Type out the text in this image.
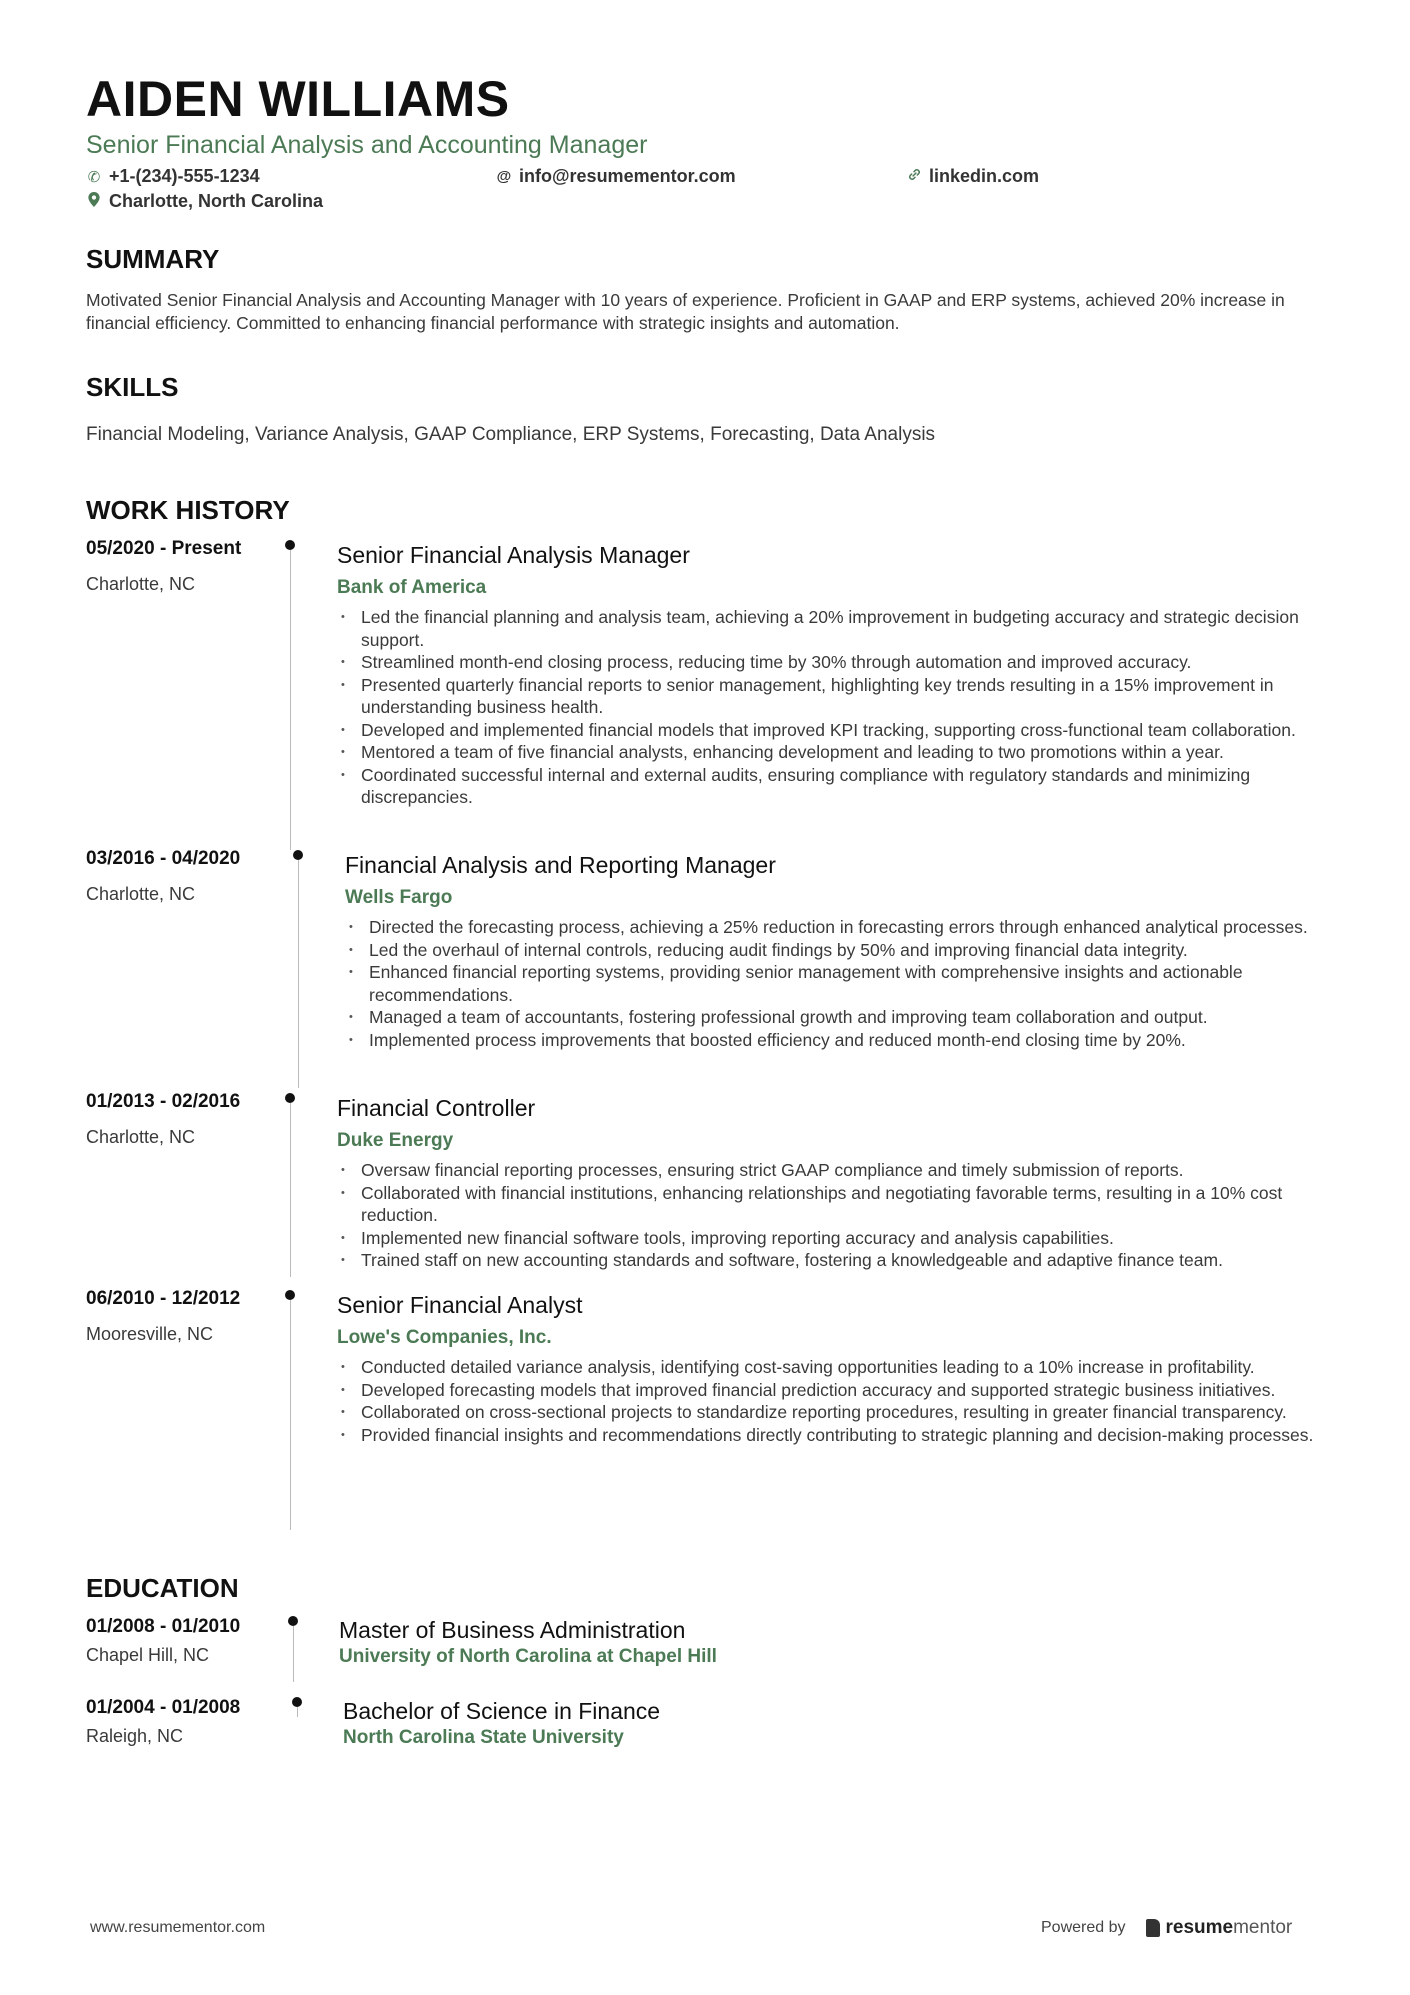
AIDEN WILLIAMS
Senior Financial Analysis and Accounting Manager
✆ +1-(234)-555-1234	@ info@resumementor.com	linkedin.com
Charlotte, North Carolina
SUMMARY
Motivated Senior Financial Analysis and Accounting Manager with 10 years of experience. Proficient in GAAP and ERP systems, achieved 20% increase in financial efficiency. Committed to enhancing financial performance with strategic insights and automation.
SKILLS
Financial Modeling, Variance Analysis, GAAP Compliance, ERP Systems, Forecasting, Data Analysis
WORK HISTORY
05/2020 - Present
Charlotte, NC
Senior Financial Analysis Manager
Bank of America
• Led the financial planning and analysis team, achieving a 20% improvement in budgeting accuracy and strategic decision support.
• Streamlined month-end closing process, reducing time by 30% through automation and improved accuracy.
• Presented quarterly financial reports to senior management, highlighting key trends resulting in a 15% improvement in understanding business health.
• Developed and implemented financial models that improved KPI tracking, supporting cross-functional team collaboration.
• Mentored a team of five financial analysts, enhancing development and leading to two promotions within a year.
• Coordinated successful internal and external audits, ensuring compliance with regulatory standards and minimizing discrepancies.
03/2016 - 04/2020
Charlotte, NC
Financial Analysis and Reporting Manager
Wells Fargo
• Directed the forecasting process, achieving a 25% reduction in forecasting errors through enhanced analytical processes.
• Led the overhaul of internal controls, reducing audit findings by 50% and improving financial data integrity.
• Enhanced financial reporting systems, providing senior management with comprehensive insights and actionable recommendations.
• Managed a team of accountants, fostering professional growth and improving team collaboration and output.
• Implemented process improvements that boosted efficiency and reduced month-end closing time by 20%.
01/2013 - 02/2016
Charlotte, NC
Financial Controller
Duke Energy
• Oversaw financial reporting processes, ensuring strict GAAP compliance and timely submission of reports.
• Collaborated with financial institutions, enhancing relationships and negotiating favorable terms, resulting in a 10% cost reduction.
• Implemented new financial software tools, improving reporting accuracy and analysis capabilities.
• Trained staff on new accounting standards and software, fostering a knowledgeable and adaptive finance team.
06/2010 - 12/2012
Mooresville, NC
Senior Financial Analyst
Lowe's Companies, Inc.
• Conducted detailed variance analysis, identifying cost-saving opportunities leading to a 10% increase in profitability.
• Developed forecasting models that improved financial prediction accuracy and supported strategic business initiatives.
• Collaborated on cross-sectional projects to standardize reporting procedures, resulting in greater financial transparency.
• Provided financial insights and recommendations directly contributing to strategic planning and decision-making processes.
EDUCATION
01/2008 - 01/2010
Chapel Hill, NC
Master of Business Administration
University of North Carolina at Chapel Hill
01/2004 - 01/2008
Raleigh, NC
Bachelor of Science in Finance
North Carolina State University
www.resumementor.com	Powered by resumementor
